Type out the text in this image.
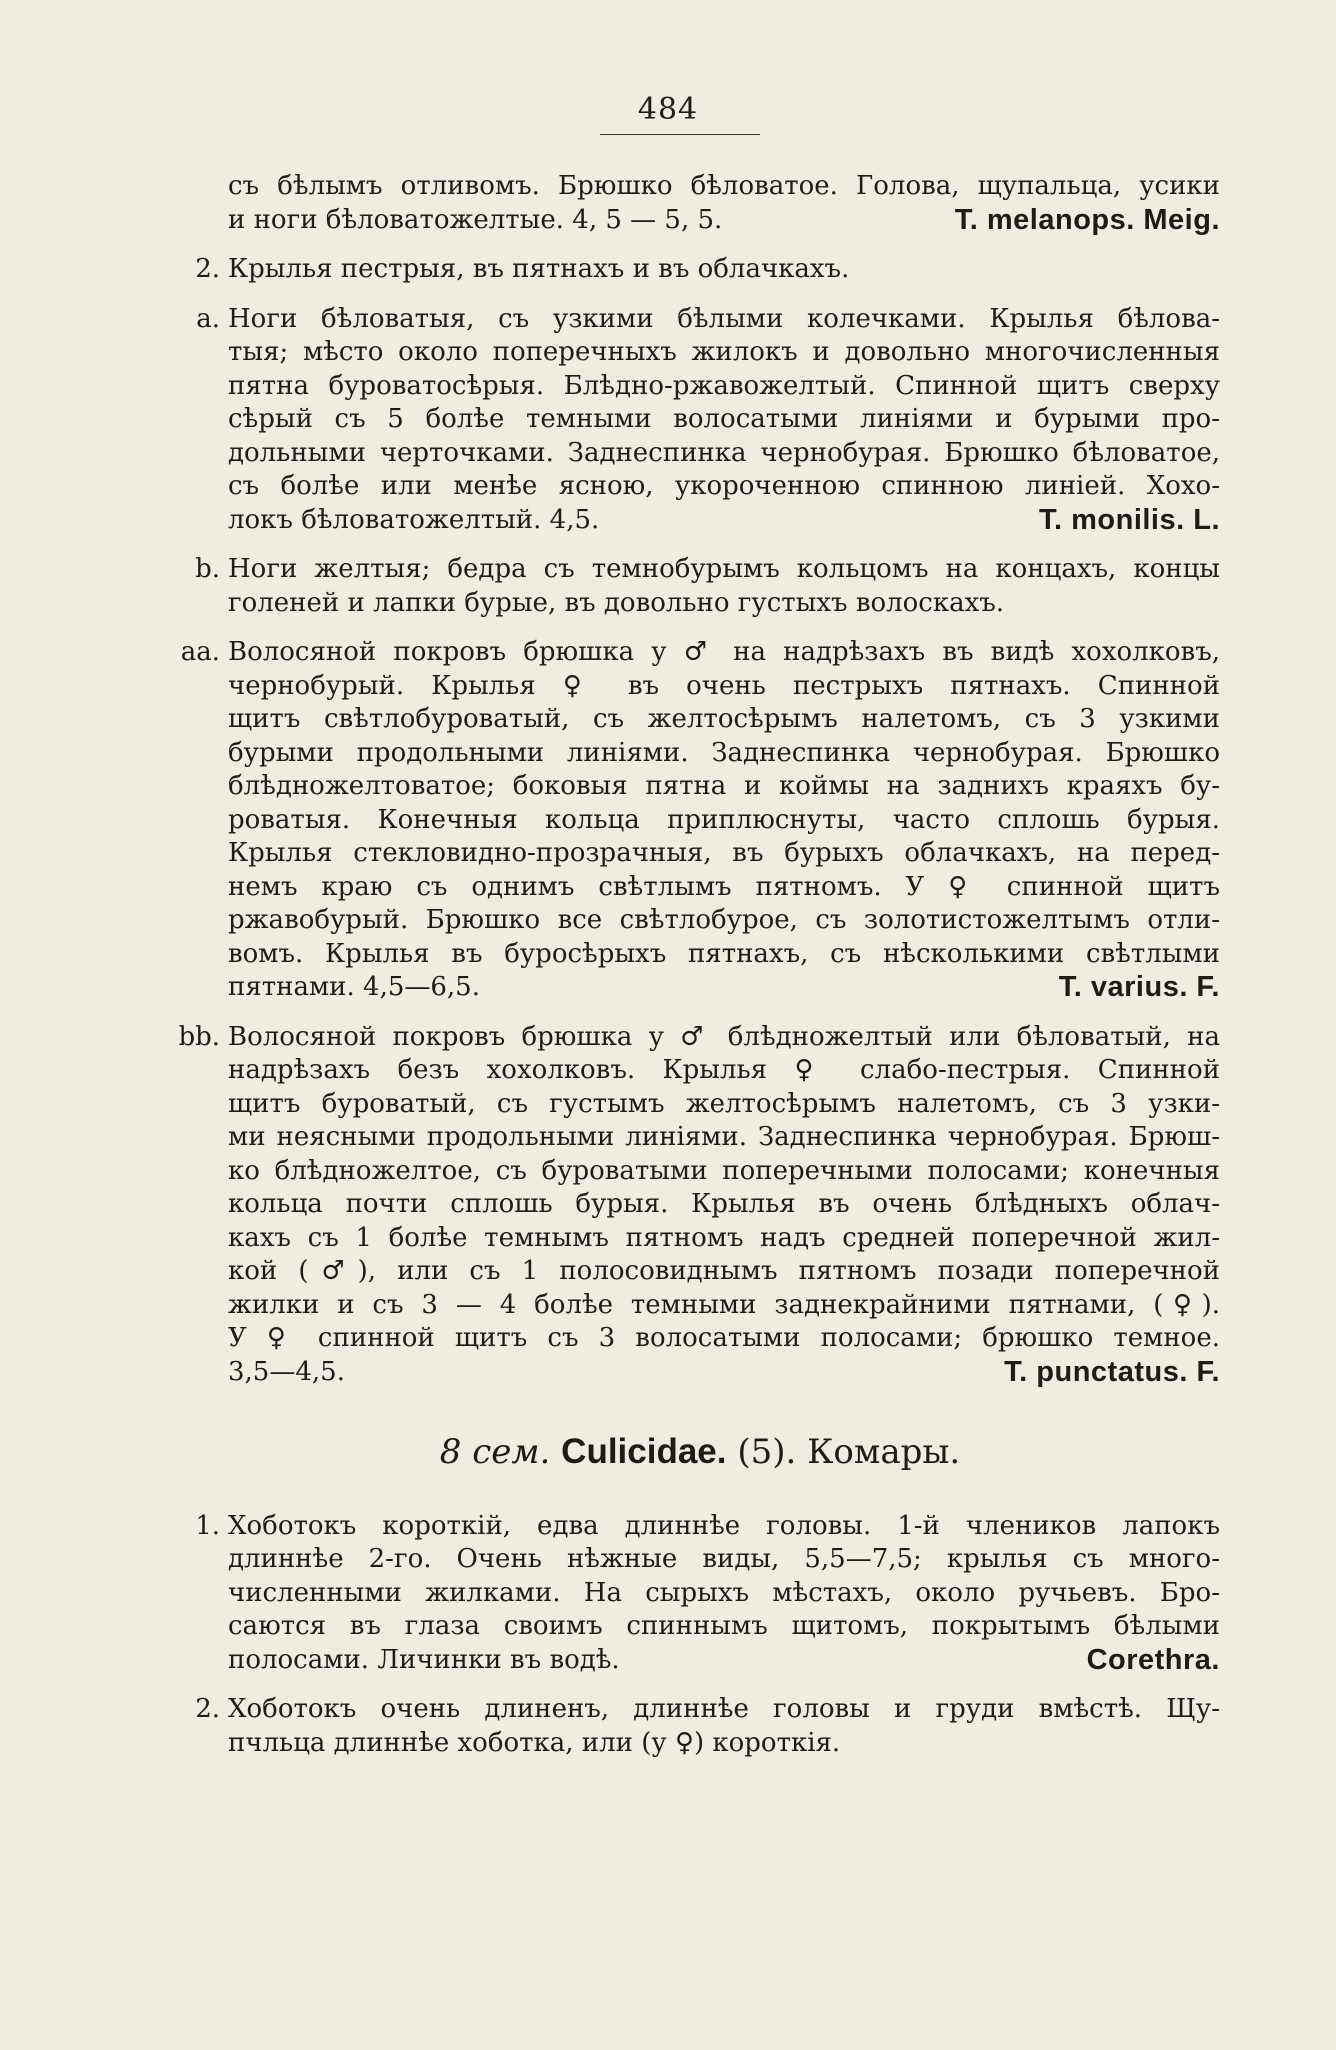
484

съ бѣлымъ отливомъ. Брюшко бѣловатое. Голова, щупальца, усики

и ноги бѣловатожелтые. 4, 5 — 5, 5.	T. melanops. Meig.
2. Крылья пестрыя, въ пятнахъ и въ облачкахъ.

a. Ноги бѣловатыя, съ узкими бѣлыми колечками. Крылья бѣлова-

тыя; мѣсто около поперечныхъ жилокъ и довольно многочисленныя

пятна буроватосѣрыя. Блѣдно-ржавожелтый. Спинной щитъ сверху

сѣрый съ 5 болѣе темными волосатыми линіями и бурыми про-

дольными черточками. Заднеспинка чернобурая. Брюшко бѣловатое,

съ болѣе или менѣе ясною, укороченною спинною линіей. Хохо-

локъ бѣловатожелтый. 4,5.	T. monilis. L.
b. Ноги желтыя; бедра съ темнобурымъ кольцомъ на концахъ, концы

голеней и лапки бурые, въ довольно густыхъ волоскахъ.

aa. Волосяной покровъ брюшка у ♂ на надрѣзахъ въ видѣ хохолковъ,

чернобурый. Крылья ♀ въ очень пестрыхъ пятнахъ. Спинной

щитъ свѣтлобуроватый, съ желтосѣрымъ налетомъ, съ 3 узкими

бурыми продольными линіями. Заднеспинка чернобурая. Брюшко

блѣдножелтоватое; боковыя пятна и коймы на заднихъ краяхъ бу-

роватыя. Конечныя кольца приплюснуты, часто сплошь бурыя.

Крылья стекловидно-прозрачныя, въ бурыхъ облачкахъ, на перед-

немъ краю съ однимъ свѣтлымъ пятномъ. У ♀ спинной щитъ

ржавобурый. Брюшко все свѣтлобурое, съ золотистожелтымъ отли-

вомъ. Крылья въ буросѣрыхъ пятнахъ, съ нѣсколькими свѣтлыми

пятнами. 4,5—6,5.	T. varius. F.
bb. Волосяной покровъ брюшка у ♂ блѣдножелтый или бѣловатый, на

надрѣзахъ безъ хохолковъ. Крылья ♀ слабо-пестрыя. Спинной

щитъ буроватый, съ густымъ желтосѣрымъ налетомъ, съ 3 узки-

ми неясными продольными линіями. Заднеспинка чернобурая. Брюш-

ко блѣдножелтое, съ буроватыми поперечными полосами; конечныя

кольца почти сплошь бурыя. Крылья въ очень блѣдныхъ облач-

кахъ съ 1 болѣе темнымъ пятномъ надъ средней поперечной жил-

кой (♂), или съ 1 полосовиднымъ пятномъ позади поперечной

жилки и съ 3 — 4 болѣе темными заднекрайними пятнами, (♀).

У ♀ спинной щитъ съ 3 волосатыми полосами; брюшко темное.

3,5—4,5.	T. punctatus. F.
8 сем. Culicidae. (5). Комары.
1. Хоботокъ короткій, едва длиннѣе головы. 1-й члеников лапокъ

длиннѣе 2-го. Очень нѣжные виды, 5,5—7,5; крылья съ много-

численными жилками. На сырыхъ мѣстахъ, около ручьевъ. Бро-

саются въ глаза своимъ спиннымъ щитомъ, покрытымъ бѣлыми

полосами. Личинки въ водѣ.	Corethra.
2. Хоботокъ очень длиненъ, длиннѣе головы и груди вмѣстѣ. Щу-

пчльца длиннѣе хоботка, или (у ♀) короткія.
